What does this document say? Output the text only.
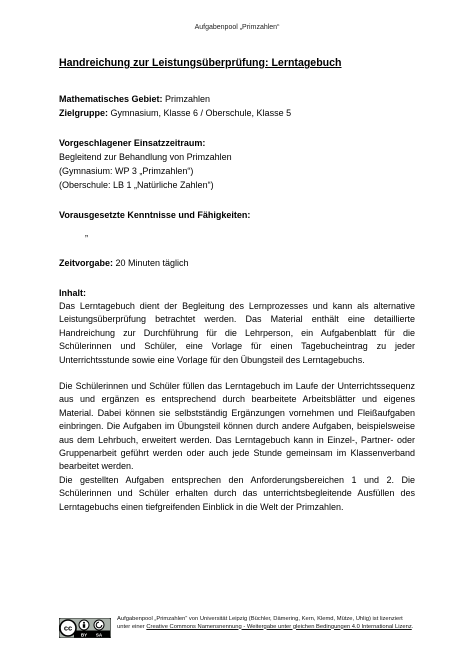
Aufgabenpool „Primzahlen“
Handreichung zur Leistungsüberprüfung: Lerntagebuch
Mathematisches Gebiet: Primzahlen
Zielgruppe: Gymnasium, Klasse 6 / Oberschule, Klasse 5
Vorgeschlagener Einsatzzeitraum:
Begleitend zur Behandlung von Primzahlen
(Gymnasium: WP 3 „Primzahlen“)
(Oberschule: LB 1 „Natürliche Zahlen“)
Vorausgesetzte Kenntnisse und Fähigkeiten:
„
Zeitvorgabe: 20 Minuten täglich
Inhalt:

Das Lerntagebuch dient der Begleitung des Lernprozesses und kann als alternative Leistungsüberprüfung betrachtet werden. Das Material enthält eine detaillierte Handreichung zur Durchführung für die Lehrperson, ein Aufgabenblatt für die Schülerinnen und Schüler, eine Vorlage für einen Tagebucheintrag zu jeder Unterrichtsstunde sowie eine Vorlage für den Übungsteil des Lerntagebuchs.

Die Schülerinnen und Schüler füllen das Lerntagebuch im Laufe der Unterrichtssequenz aus und ergänzen es entsprechend durch bearbeitete Arbeitsblätter und eigenes Material. Dabei können sie selbstständig Ergänzungen vornehmen und Fleißaufgaben einbringen. Die Aufgaben im Übungsteil können durch andere Aufgaben, beispielsweise aus dem Lehrbuch, erweitert werden. Das Lerntagebuch kann in Einzel-, Partner- oder Gruppenarbeit geführt werden oder auch jede Stunde gemeinsam im Klassenverband bearbeitet werden.

Die gestellten Aufgaben entsprechen den Anforderungsbereichen 1 und 2. Die Schülerinnen und Schüler erhalten durch das unterrichtsbegleitende Ausfüllen des Lerntagebuchs einen tiefgreifenden Einblick in die Welt der Primzahlen.

cc
BY SA
Aufgabenpool „Primzahlen“ von Universität Leipzig (Büchler, Dämering, Kern, Klemd, Mütze, Uhlig) ist lizenziert unter einer Creative Commons Namensnennung - Weitergabe unter gleichen Bedingungen 4.0 International Lizenz.
